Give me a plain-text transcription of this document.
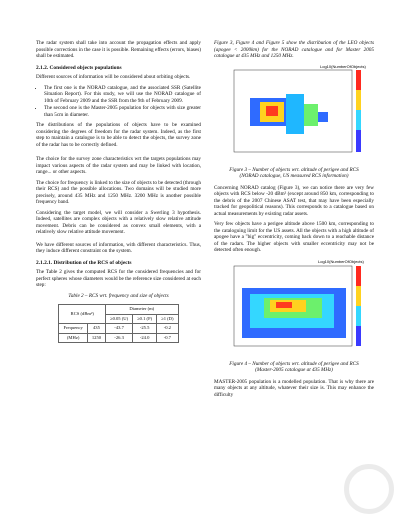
The radar system shall take into account the propagation effects and apply possible corrections in the case it is possible. Remaining effects (errors, biases) shall be estimated.

2.1.2. Considered objects populations

Different sources of information will be considered about orbiting objects.

• The first one is the NORAD catalogue, and the associated SSR (Satellite Situation Report). For this study, we will use the NORAD catalogue of 10th of February 2009 and the SSR from the 9th of February 2009.
• The second one is the Master-2005 population for objects with size greater than 5cm in diameter.

The distributions of the populations of objects have to be examined considering the degrees of freedom for the radar system. Indeed, as the first step to maintain a catalogue is to be able to detect the objects, the survey zone of the radar has to be correctly defined.

The choice for the survey zone characteristics wrt the targets populations may impact various aspects of the radar system and may be linked with location, range... or other aspects.

The choice for frequency is linked to the size of objects to be detected (through their RCS) and the possible allocations. Two domains will be studied more precisely, around 435 MHz and 1250 MHz. 3200 MHz is another possible frequency band.

Considering the target model, we will consider a Swerling 3 hypothesis. Indeed, satellites are complex objects with a relatively slow relative attitude movement. Debris can be considered as convex small elements, with a relatively slow relative attitude movement.

We have different sources of information, with different characteristics. Thus, they induce different constraint on the system.

2.1.2.1. Distribution of the RCS of objects

The Table 2 gives the computed RCS for the considered frequencies and for perfect spheres whose diameters would be the reference size considered at each step:

Table 2 – RCS wrt. frequency and size of objects
RCS (dBm²)		Diameter (m)		
		≥0.05 (U)	≥0.1 (F)	≥1 (D)
Frequency	435	-43.7	-25.5	-0.2
(MHz)	1250	-26.3	-24.0	-0.7

Figure 3, Figure 4 and Figure 5 show the distribution of the LEO objects (apogee < 2000km) for the NORAD catalogue and for Master 2005 catalogue at 435 MHz and 1250 MHz.

Log10(NumberOfObjects)
Figure 3 – Number of objects wrt. altitude of perigee and RCS (NORAD catalogue, US measured RCS information)

Concerning NORAD catalog (Figure 3), we can notice there are very few objects with RCS below -20 dBm² (except around 850 km, corresponding to the debris of the 2007 Chinese ASAT test, that may have been especially tracked for geopolitical reasons). This corresponds to a catalogue based on actual measurements by existing radar assets.

Very few objects have a perigee altitude above 1500 km, corresponding to the cataloguing limit for the US assets. All the objects with a high altitude of apogee have a "big" eccentricity, coming back down to a reachable distance of the radars. The higher objects with smaller eccentricity may not be detected often enough.

Log10(NumberOfObjects)
Figure 4 – Number of objects wrt. altitude of perigee and RCS (Master-2005 catalogue at 435 MHz)

MASTER-2005 population is a modelled population. That is why there are many objects at any altitude, whatever their size is. This may enhance the difficulty
